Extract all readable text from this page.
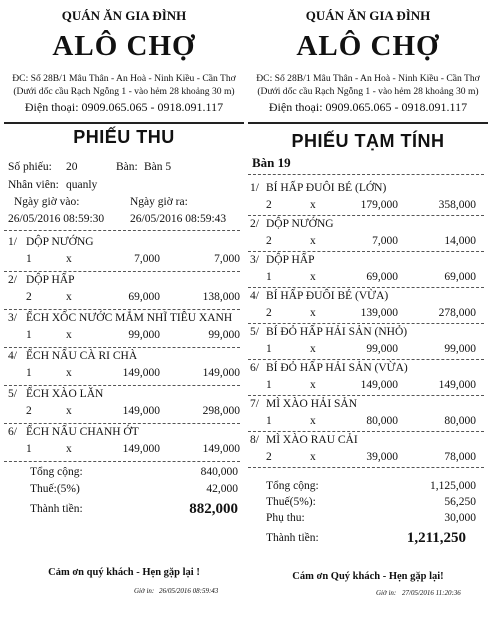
QUÁN ĂN GIA ĐÌNH
ALÔ CHỢ
ĐC: Số 28B/1 Mâu Thân - An Hoà - Ninh Kiều - Cần Thơ
(Dưới dốc cầu Rạch Ngỗng 1 - vào hẻm 28 khoảng 30 m)
Điện thoại: 0909.065.065 - 0918.091.117
PHIẾU THU
Số phiếu: 20	Bàn: Bàn 5
Nhân viên: quanly
Ngày giờ vào:	Ngày giờ ra:
26/05/2016 08:59:30 26/05/2016 08:59:43
1/ DỘP NƯỚNG
1	x	7,000	7,000
2/ DỘP HẤP
2	x	69,000	138,000
3/ ẾCH XỐC NƯỚC MẮM NHĨ TIÊU XANH
1	x	99,000	99,000
4/ ẾCH NẤU CÀ RI CHÀ
1	x	149,000	149,000
5/ ẾCH XÀO LĂN
2	x	149,000	298,000
6/ ẾCH NẤU CHANH ỚT
1	x	149,000	149,000
Tổng cộng:	840,000
Thuế:(5%)	42,000
Thành tiền:	882,000
Cảm ơn quý khách - Hẹn gặp lại !
Giờ in: 26/05/2016 08:59:43
QUÁN ĂN GIA ĐÌNH
ALÔ CHỢ
ĐC: Số 28B/1 Mâu Thân - An Hoà - Ninh Kiều - Cần Thơ
(Dưới dốc cầu Rạch Ngỗng 1 - vào hẻm 28 khoảng 30 m)
Điện thoại: 0909.065.065 - 0918.091.117
PHIẾU TẠM TÍNH
Bàn 19
1/ BÍ HẤP ĐUÔI BÉ (LỚN)
2	x	179,000	358,000
2/ DỘP NƯỚNG
2	x	7,000	14,000
3/ DỘP HẤP
1	x	69,000	69,000
4/ BÍ HẤP ĐUÔI BÉ (VỪA)
2	x	139,000	278,000
5/ BÍ ĐỎ HẤP HẢI SẢN (NHỎ)
1	x	99,000	99,000
6/ BÍ ĐỎ HẤP HẢI SẢN (VỪA)
1	x	149,000	149,000
7/ MÌ XÀO HẢI SẢN
1	x	80,000	80,000
8/ MÌ XÀO RAU CẢI
2	x	39,000	78,000
Tổng cộng:	1,125,000
Thuế(5%):	56,250
Phụ thu:	30,000
Thành tiền:	1,211,250
Cám ơn Quý khách - Hẹn gặp lại!
Giờ in: 27/05/2016 11:20:36
